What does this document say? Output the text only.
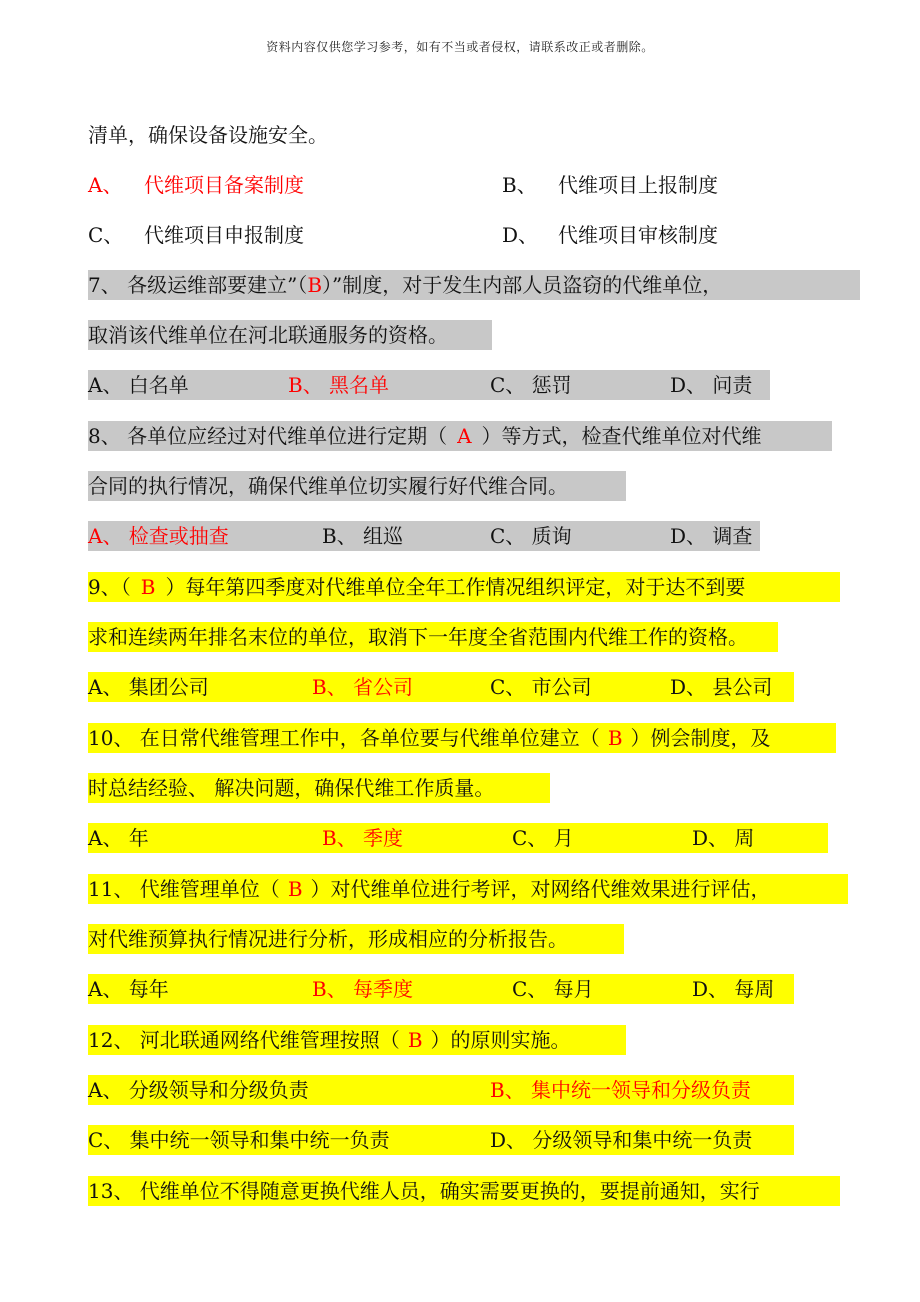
资料内容仅供您学习参考，如有不当或者侵权，请联系改正或者删除。
清单，确保设备设施安全。
A、 代维项目备案制度	B、 代维项目上报制度
C、 代维项目申报制度	D、 代维项目审核制度
7、 各级运维部要建立”（B）”制度，对于发生内部人员盗窃的代维单位，
取消该代维单位在河北联通服务的资格。
A、 白名单	B、 黑名单	C、 惩罚	D、 问责
8、 各单位应经过对代维单位进行定期（ A ）等方式，检查代维单位对代维
合同的执行情况，确保代维单位切实履行好代维合同。
A、 检查或抽查	B、 组巡	C、 质询	D、 调查
9、（ B ）每年第四季度对代维单位全年工作情况组织评定，对于达不到要
求和连续两年排名末位的单位，取消下一年度全省范围内代维工作的资格。
A、 集团公司	B、 省公司	C、 市公司	D、 县公司
10、 在日常代维管理工作中，各单位要与代维单位建立（ B ）例会制度，及
时总结经验、 解决问题，确保代维工作质量。
A、 年	B、 季度	C、 月	D、 周
11、 代维管理单位（ B ）对代维单位进行考评，对网络代维效果进行评估，
对代维预算执行情况进行分析，形成相应的分析报告。
A、 每年	B、 每季度	C、 每月	D、 每周
12、 河北联通网络代维管理按照（ B ）的原则实施。
A、 分级领导和分级负责	B、 集中统一领导和分级负责
C、 集中统一领导和集中统一负责	D、 分级领导和集中统一负责
13、 代维单位不得随意更换代维人员，确实需要更换的，要提前通知，实行
